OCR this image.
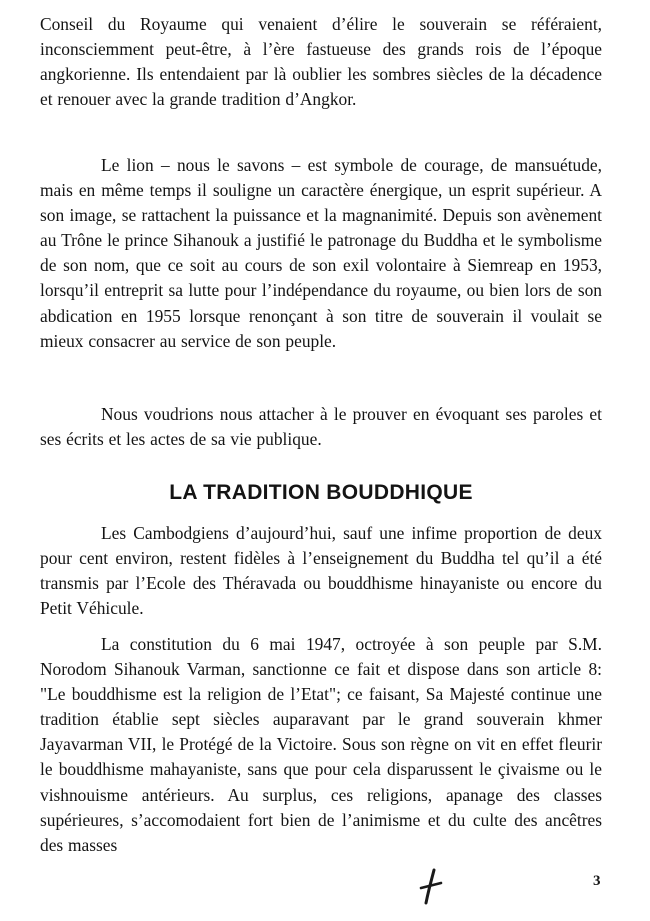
Conseil du Royaume qui venaient d’élire le souverain se référaient, inconsciemment peut-être, à l’ère fastueuse des grands rois de l’époque angkorienne. Ils entendaient par là oublier les sombres siècles de la décadence et renouer avec la grande tradition d’Angkor.

Le lion – nous le savons – est symbole de courage, de mansuétude, mais en même temps il souligne un caractère énergique, un esprit supérieur. A son image, se rattachent la puissance et la magnanimité. Depuis son avènement au Trône le prince Sihanouk a justifié le patronage du Buddha et le symbolisme de son nom, que ce soit au cours de son exil volontaire à Siemreap en 1953, lorsqu’il entreprit sa lutte pour l’indépendance du royaume, ou bien lors de son abdication en 1955 lorsque renonçant à son titre de souverain il voulait se mieux consacrer au service de son peuple.

Nous voudrions nous attacher à le prouver en évoquant ses paroles et ses écrits et les actes de sa vie publique.

LA TRADITION BOUDDHIQUE

Les Cambodgiens d’aujourd’hui, sauf une infime proportion de deux pour cent environ, restent fidèles à l’enseignement du Buddha tel qu’il a été transmis par l’Ecole des Théravada ou bouddhisme hinayaniste ou encore du Petit Véhicule.

La constitution du 6 mai 1947, octroyée à son peuple par S.M. Norodom Sihanouk Varman, sanctionne ce fait et dispose dans son article 8: "Le bouddhisme est la religion de l’Etat"; ce faisant, Sa Majesté continue une tradition établie sept siècles auparavant par le grand souverain khmer Jayavarman VII, le Protégé de la Victoire. Sous son règne on vit en effet fleurir le bouddhisme mahayaniste, sans que pour cela disparussent le çivaisme ou le vishnouisme antérieurs. Au surplus, ces religions, apanage des classes supérieures, s’accomodaient fort bien de l’animisme et du culte des ancêtres des masses

3
